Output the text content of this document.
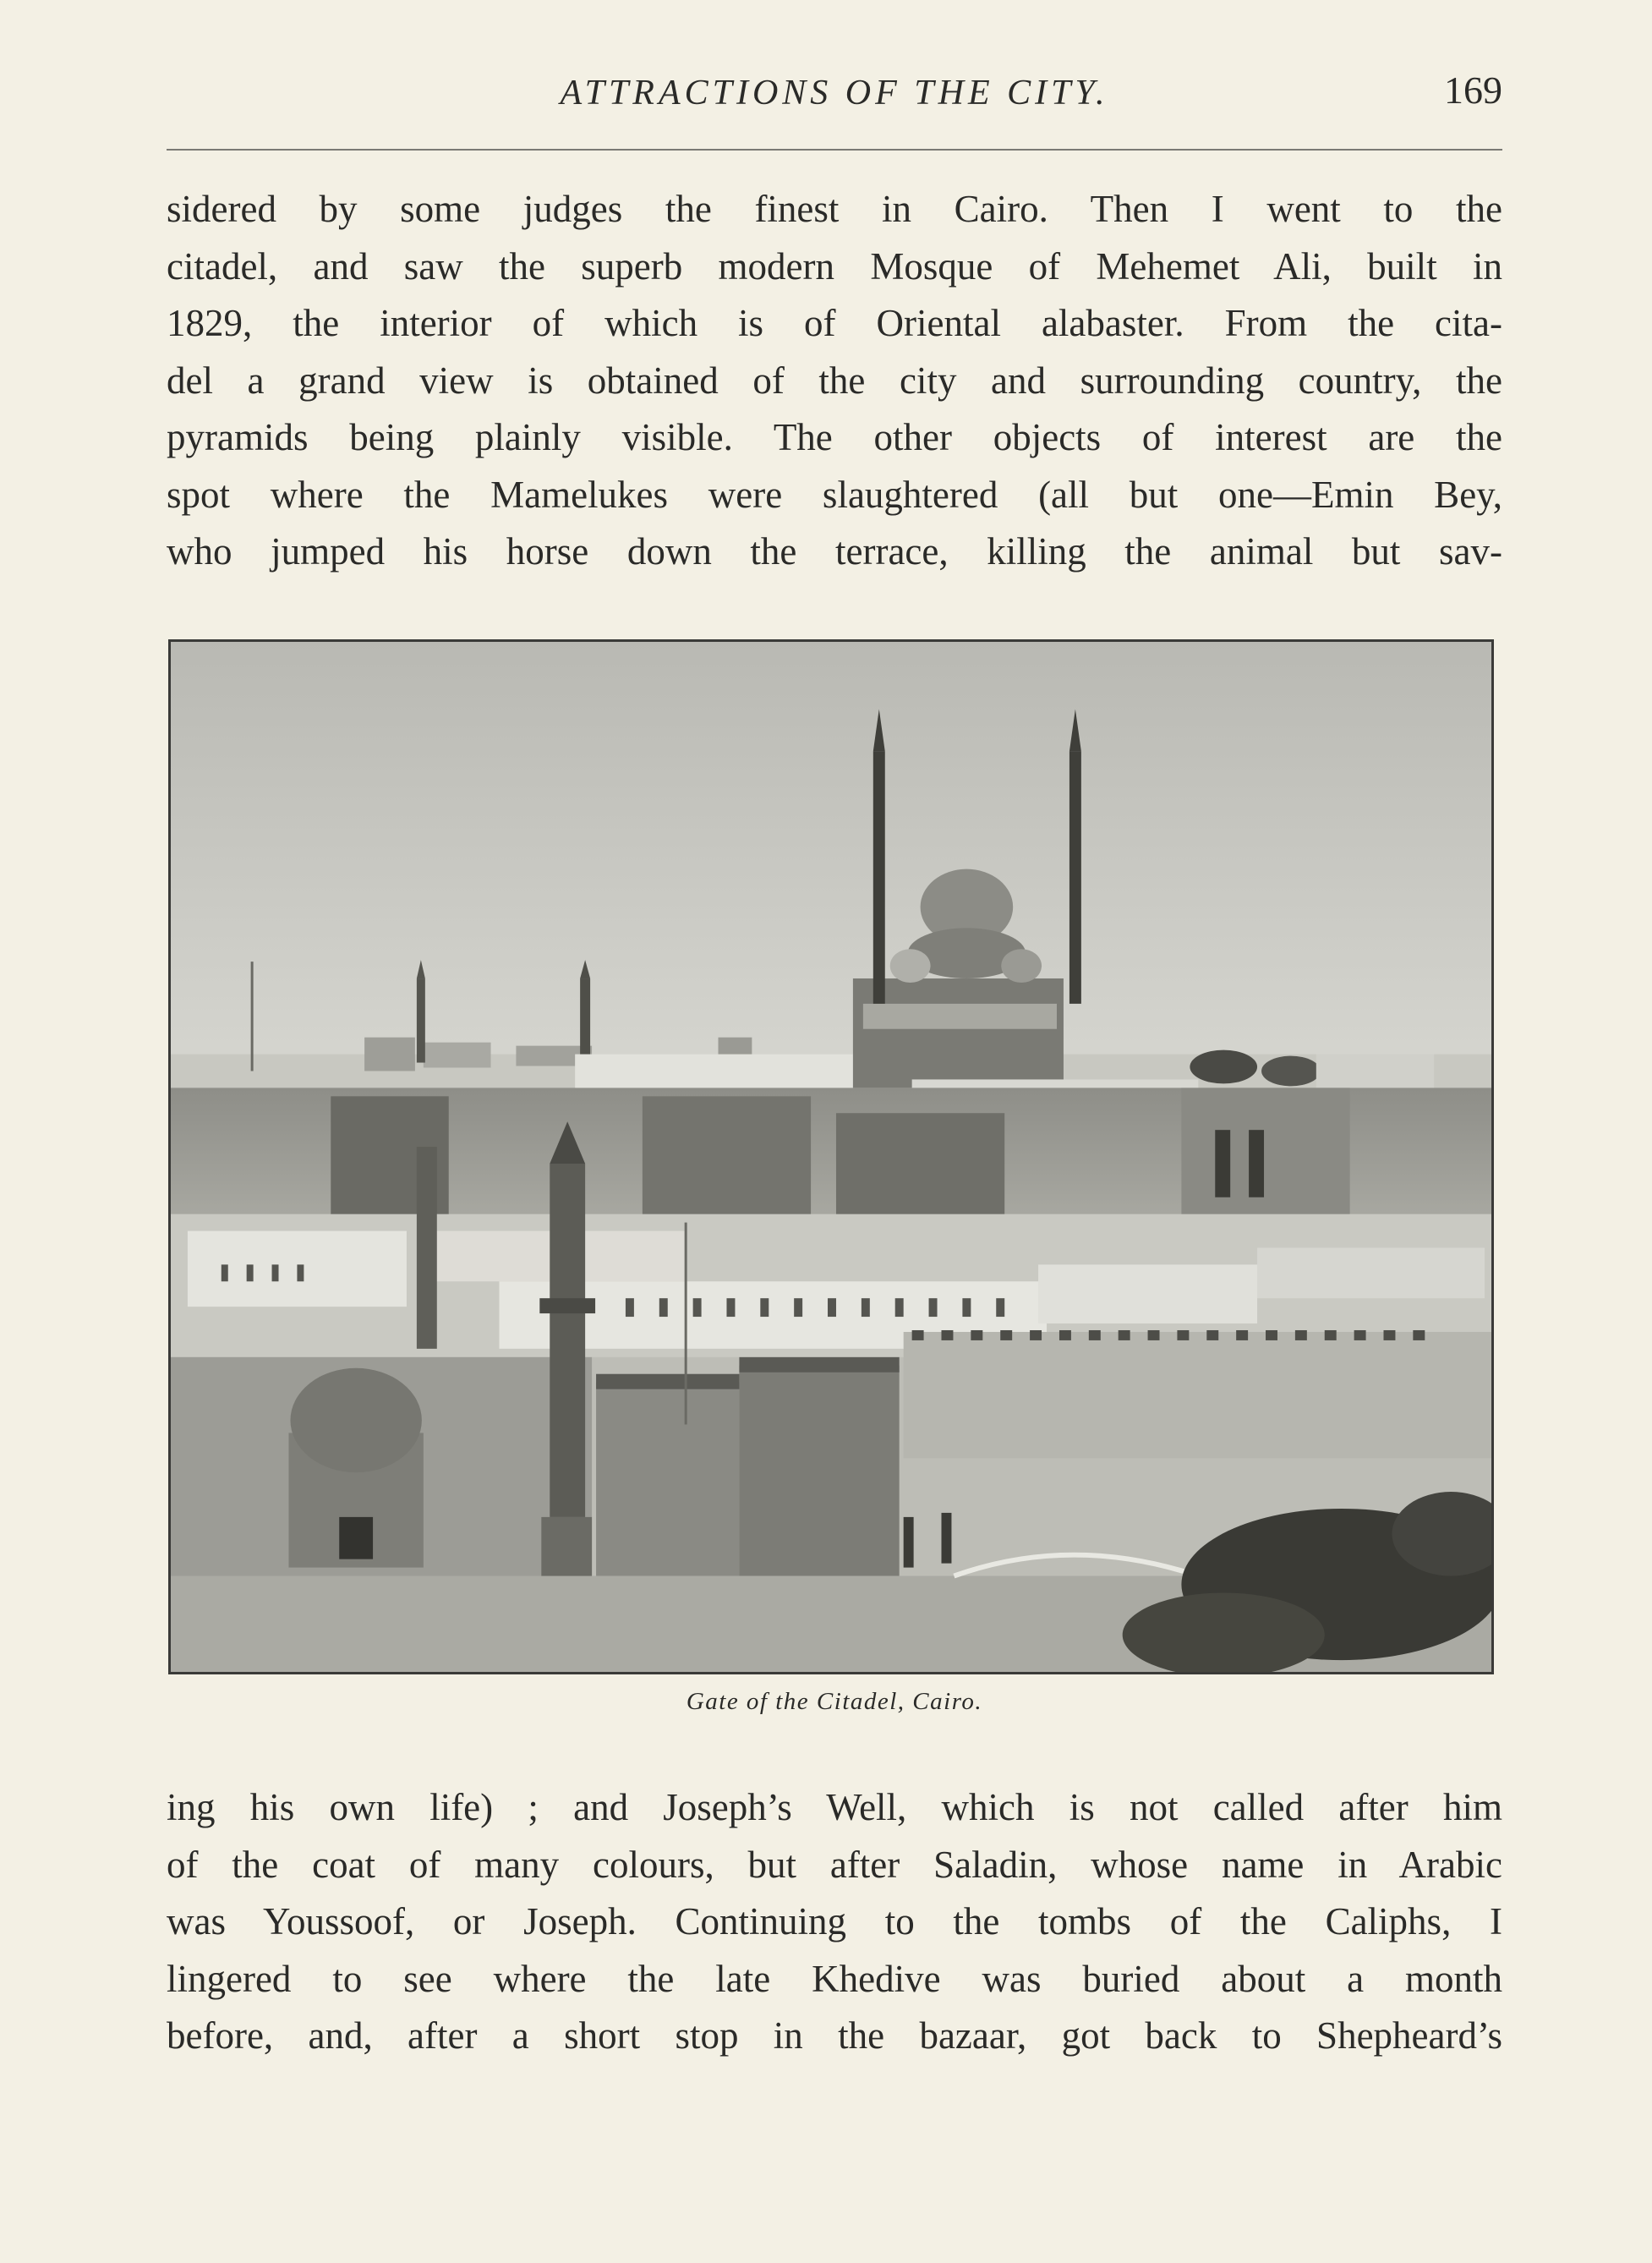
ATTRACTIONS OF THE CITY.	169
sidered by some judges the finest in Cairo. Then I went to the
citadel, and saw the superb modern Mosque of Mehemet Ali, built in
1829, the interior of which is of Oriental alabaster. From the cita-
del a grand view is obtained of the city and surrounding country, the
pyramids being plainly visible. The other objects of interest are the
spot where the Mamelukes were slaughtered (all but one—Emin Bey,
who jumped his horse down the terrace, killing the animal but sav-
Gate of the Citadel, Cairo.
ing his own life) ; and Joseph’s Well, which is not called after him
of the coat of many colours, but after Saladin, whose name in Arabic
was Youssoof, or Joseph. Continuing to the tombs of the Caliphs, I
lingered to see where the late Khedive was buried about a month
before, and, after a short stop in the bazaar, got back to Shepheard’s
